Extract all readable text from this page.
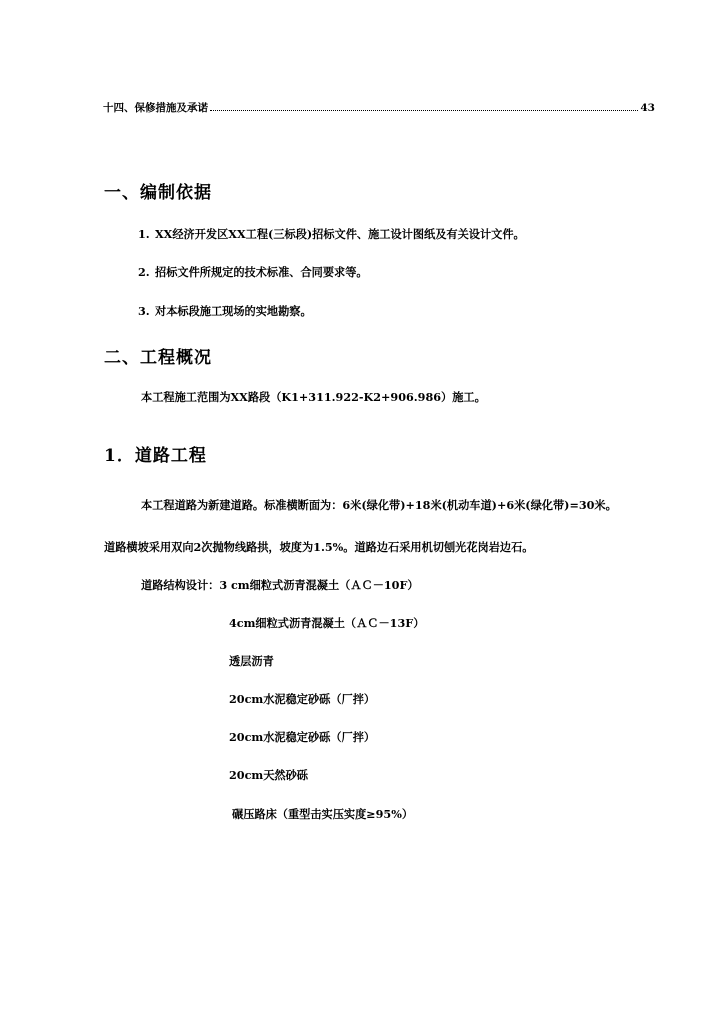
十四、保修措施及承诺	43
一、编制依据
1. XX经济开发区XX工程(三标段)招标文件、施工设计图纸及有关设计文件。
2. 招标文件所规定的技术标准、合同要求等。
3. 对本标段施工现场的实地勘察。
二、工程概况
本工程施工范围为XX路段（K1+311.922-K2+906.986）施工。
1．道路工程
本工程道路为新建道路。标准横断面为：6米(绿化带)+18米(机动车道)+6米(绿化带)=30米。
道路横坡采用双向2次抛物线路拱，坡度为1.5%。道路边石采用机切刨光花岗岩边石。
道路结构设计：3 cm细粒式沥青混凝土（ＡＣ－10F）
4cm细粒式沥青混凝土（ＡＣ－13F）
透层沥青
20cm水泥稳定砂砾（厂拌）
20cm水泥稳定砂砾（厂拌）
20cm天然砂砾
碾压路床（重型击实压实度≥95%）
